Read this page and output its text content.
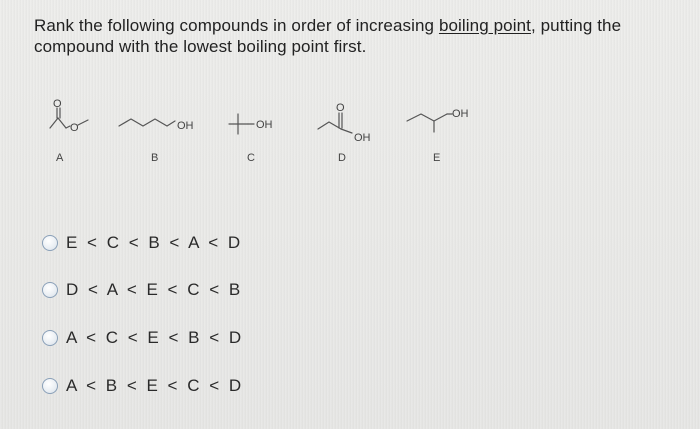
Rank the following compounds in order of increasing boiling point, putting the compound with the lowest boiling point first.
O
O
A
OH
B
OH
C
O
OH
D
OH
E
E < C < B < A < D
D < A < E < C < B
A < C < E < B < D
A < B < E < C < D
